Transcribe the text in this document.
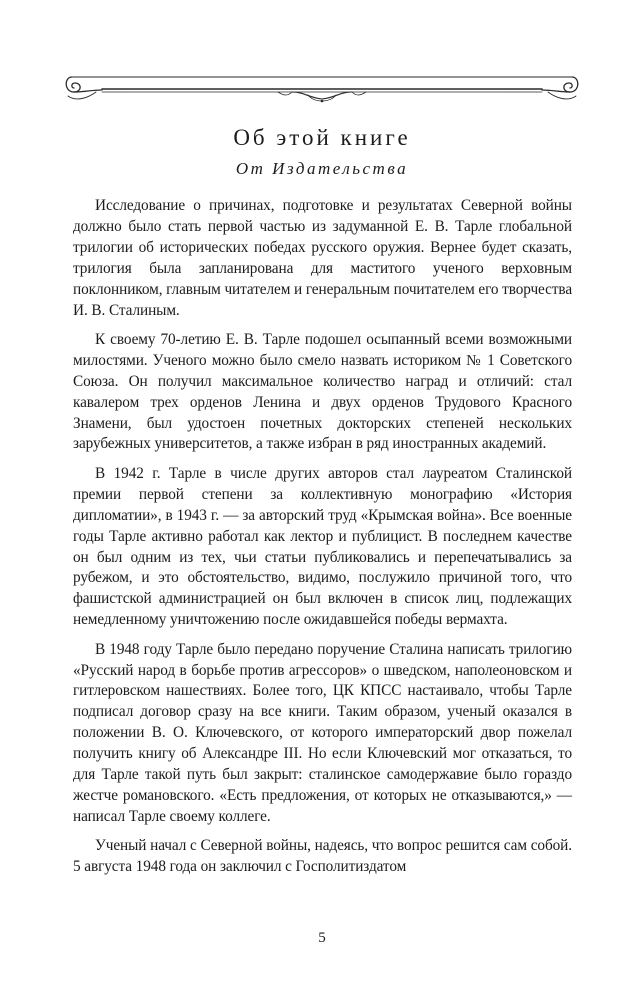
Об этой книге
От Издательства

Исследование о причинах, подготовке и результатах Северной войны должно было стать первой частью из задуманной Е. В. Тарле глобальной трилогии об исторических победах русского оружия. Вернее будет сказать, трилогия была запланирована для маститого ученого верховным поклонником, главным читателем и генеральным почитателем его творчества И. В. Сталиным.

К своему 70-летию Е. В. Тарле подошел осыпанный всеми возможными милостями. Ученого можно было смело назвать историком № 1 Советского Союза. Он получил максимальное количество наград и отличий: стал кавалером трех орденов Ленина и двух орденов Трудового Красного Знамени, был удостоен почетных докторских степеней нескольких зарубежных университетов, а также избран в ряд иностранных академий.

В 1942 г. Тарле в числе других авторов стал лауреатом Сталинской премии первой степени за коллективную монографию «История дипломатии», в 1943 г. — за авторский труд «Крымская война». Все военные годы Тарле активно работал как лектор и публицист. В последнем качестве он был одним из тех, чьи статьи публиковались и перепечатывались за рубежом, и это обстоятельство, видимо, послужило причиной того, что фашистской администрацией он был включен в список лиц, подлежащих немедленному уничтожению после ожидавшейся победы вермахта.

В 1948 году Тарле было передано поручение Сталина написать трилогию «Русский народ в борьбе против агрессоров» о шведском, наполеоновском и гитлеровском нашествиях. Более того, ЦК КПСС настаивало, чтобы Тарле подписал договор сразу на все книги. Таким образом, ученый оказался в положении В. О. Ключевского, от которого императорский двор пожелал получить книгу об Александре III. Но если Ключевский мог отказаться, то для Тарле такой путь был закрыт: сталинское самодержавие было гораздо жестче романовского. «Есть предложения, от которых не отказываются,» — написал Тарле своему коллеге.

Ученый начал с Северной войны, надеясь, что вопрос решится сам собой. 5 августа 1948 года он заключил с Госполитиздатом

5
